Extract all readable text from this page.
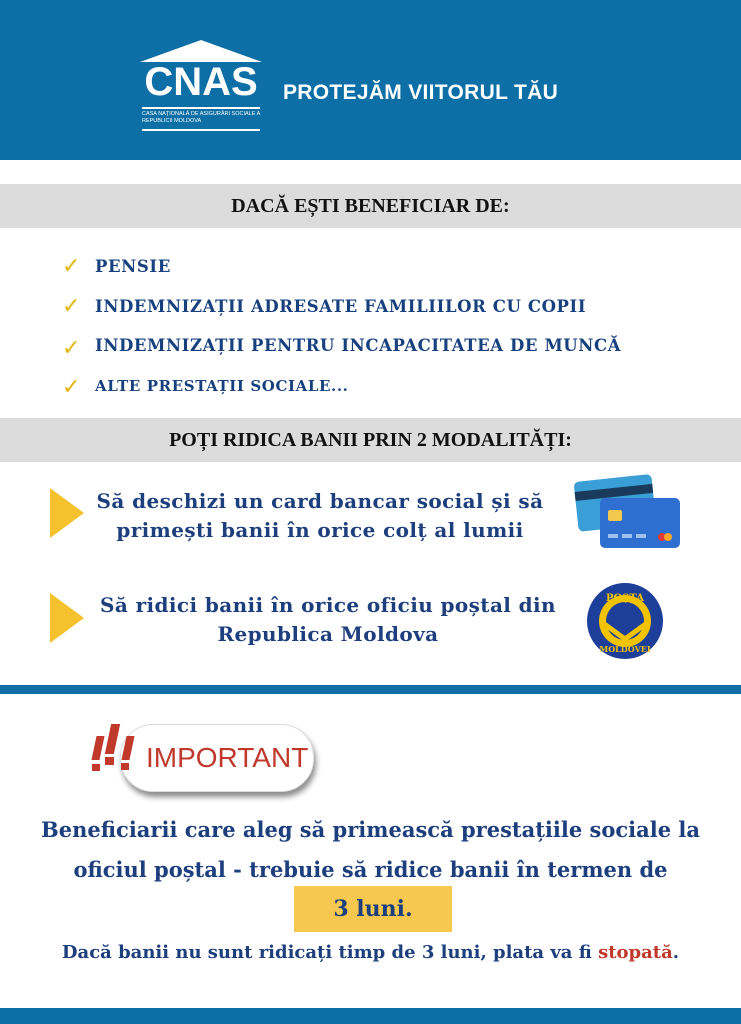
CNAS
CASA NAȚIONALĂ DE ASIGURĂRI SOCIALE A REPUBLICII MOLDOVA
PROTEJĂM VIITORUL TĂU
DACĂ EȘTI BENEFICIAR DE:
✓ PENSIE
✓ INDEMNIZAȚII ADRESATE FAMILIILOR CU COPII
✓ INDEMNIZAȚII PENTRU INCAPACITATEA DE MUNCĂ
✓ ALTE PRESTAȚII SOCIALE...
POȚI RIDICA BANII PRIN 2 MODALITĂȚI:
Să deschizi un card bancar social și să
primești banii în orice colț al lumii
Să ridici banii în orice oficiu poștal din
Republica Moldova
POȘTA
MOLDOVEI
IMPORTANT
Beneficiarii care aleg să primească prestațiile sociale la
oficiul poștal - trebuie să ridice banii în termen de
3 luni.
Dacă banii nu sunt ridicați timp de 3 luni, plata va fi stopată.
